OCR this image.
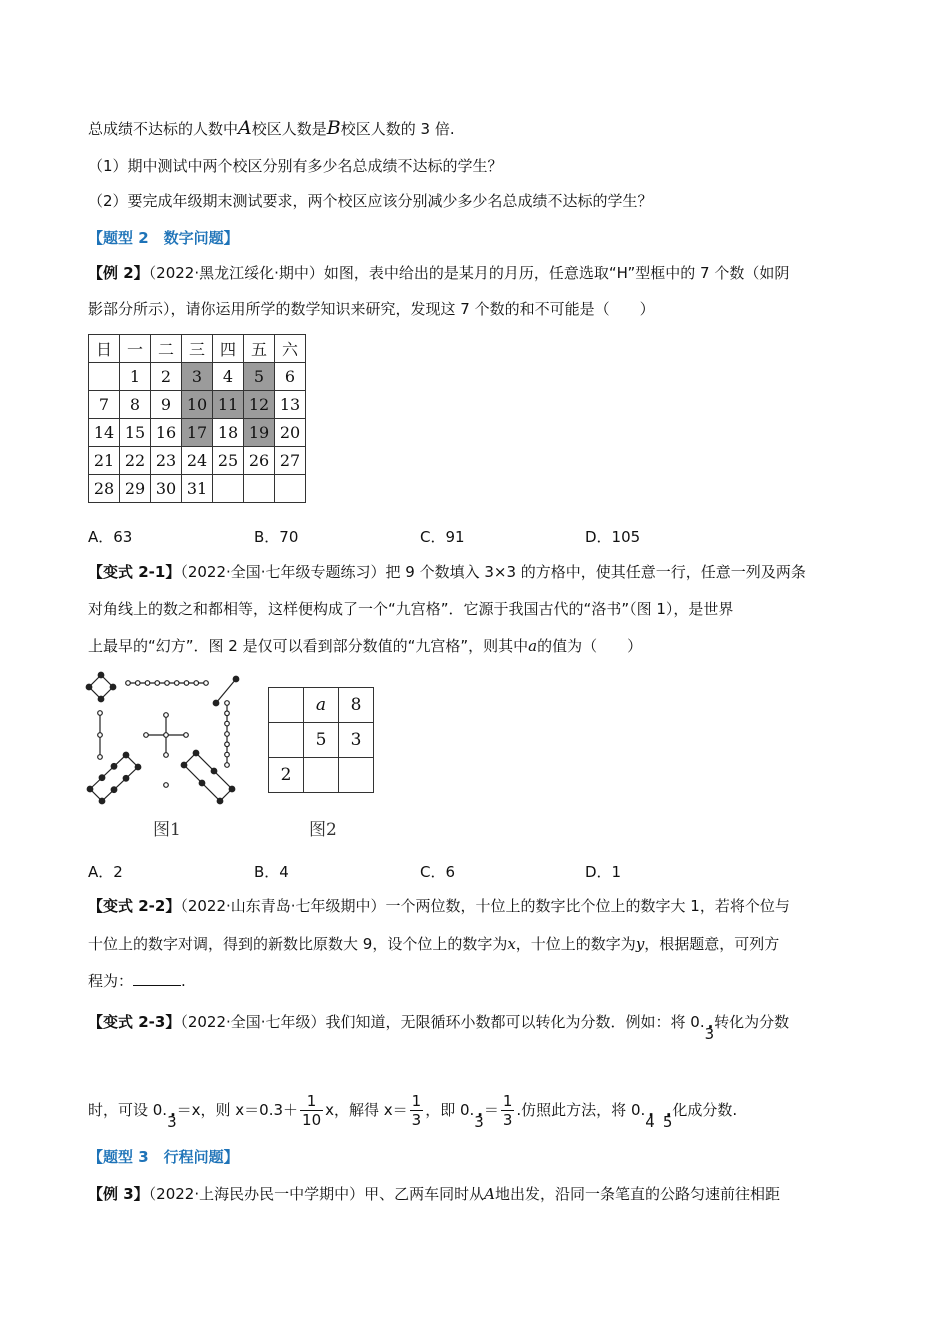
总成绩不达标的人数中A校区人数是B校区人数的 3 倍.
（1）期中测试中两个校区分别有多少名总成绩不达标的学生？
（2）要完成年级期末测试要求，两个校区应该分别减少多少名总成绩不达标的学生？
【题型 2　数字问题】
【例 2】（2022·黑龙江绥化·期中）如图，表中给出的是某月的月历，任意选取“H”型框中的 7 个数（如阴
影部分所示），请你运用所学的数学知识来研究，发现这 7 个数的和不可能是（　　）
日	一	二	三	四	五	六
	1	2	3	4	5	6
7	8	9	10	11	12	13
14	15	16	17	18	19	20
21	22	23	24	25	26	27
28	29	30	31			
A．63	B．70	C．91	D．105
【变式 2-1】（2022·全国·七年级专题练习）把 9 个数填入 3×3 的方格中，使其任意一行，任意一列及两条
对角线上的数之和都相等，这样便构成了一个“九宫格”．它源于我国古代的“洛书”（图 1），是世界
上最早的“幻方”．图 2 是仅可以看到部分数值的“九宫格”，则其中a的值为（　　）
图1
	a	8
	5	3
2		
图2
A．2	B．4	C．6	D．1
【变式 2-2】（2022·山东青岛·七年级期中）一个两位数，十位上的数字比个位上的数字大 1，若将个位与
十位上的数字对调，得到的新数比原数大 9，设个位上的数字为x，十位上的数字为y，根据题意，可列方
程为：	.
【变式 2-3】（2022·全国·七年级）我们知道，无限循环小数都可以转化为分数．例如：将 0.. 3转化为分数
时，可设 0.. 3＝x，则 $x=0.3+ \frac{1}{10}$ x，解得 $x= \frac{1}{3}$ ，即 0.. $3= \frac{1}{3}$ .仿照此方法，将 0.. 4 . 5化成分数.
【题型 3　行程问题】
【例 3】（2022·上海民办民一中学期中）甲、乙两车同时从A地出发，沿同一条笔直的公路匀速前往相距
